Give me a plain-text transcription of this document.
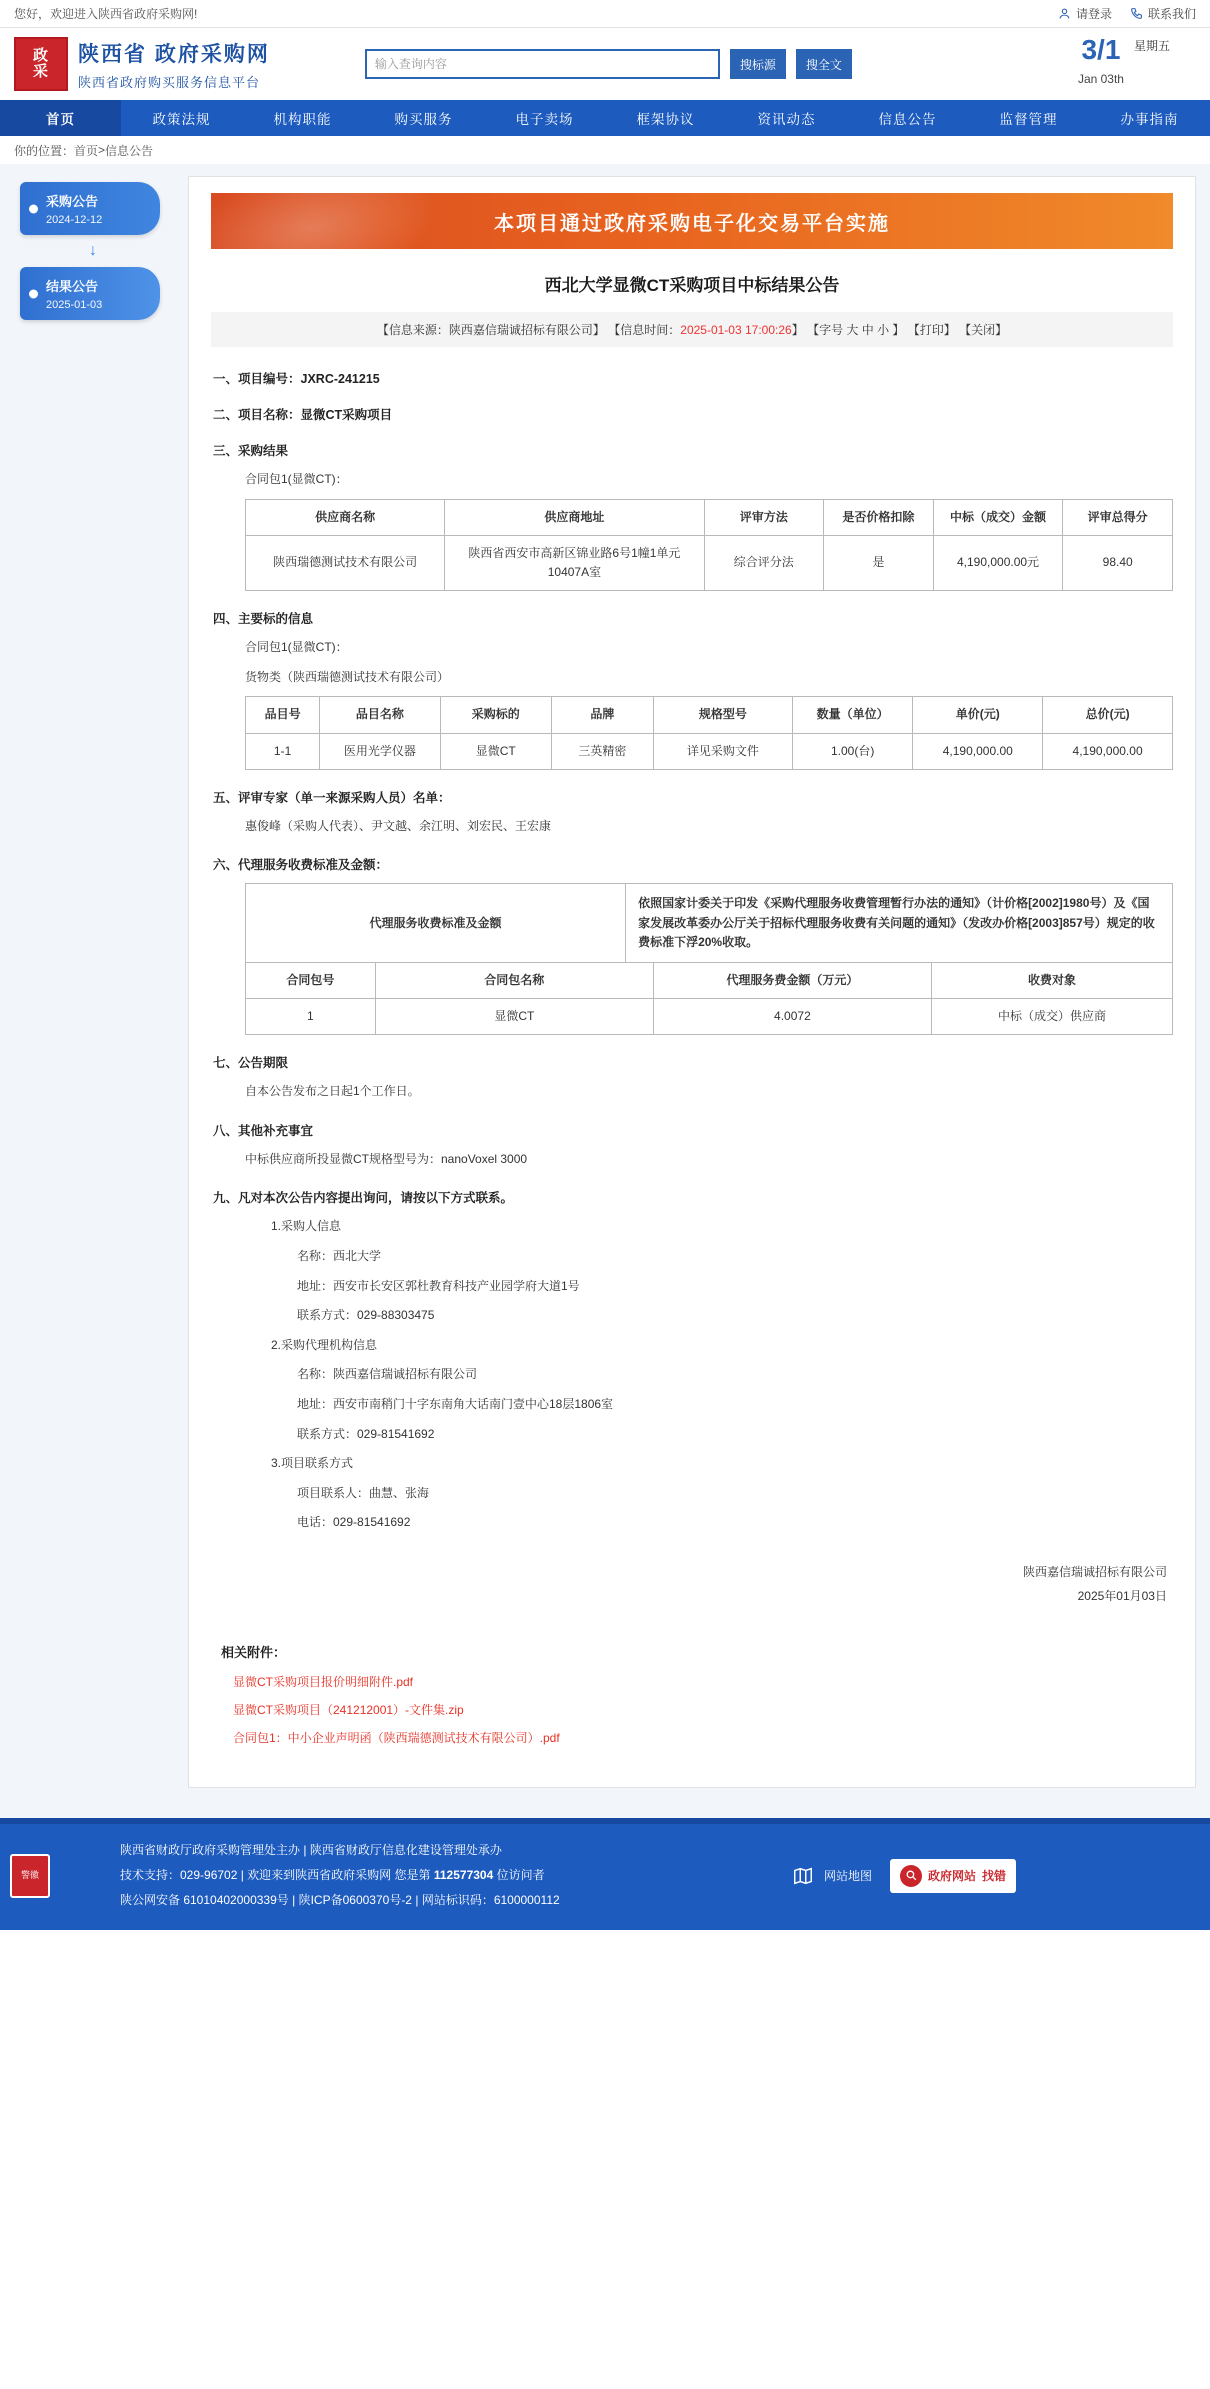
您好，欢迎进入陕西省政府采购网!	请登录	联系我们
政
采
陕西省 政府采购网
陕西省政府购买服务信息平台
输入查询内容
搜标源	搜全文	3/1
Jan 03th
星期五
首页	政策法规	机构职能	购买服务	电子卖场	框架协议	资讯动态	信息公告	监督管理	办事指南
你的位置： 首页 > 信息公告
采购公告
2024-12-12
↓
结果公告
2025-01-03
本项目通过政府采购电子化交易平台实施
西北大学显微CT采购项目中标结果公告
【信息来源：陕西嘉信瑞诚招标有限公司】 【信息时间：2025-01-03 17:00:26】 【字号 大 中 小 】 【打印】 【关闭】
一、项目编号：JXRC-241215
二、项目名称：显微CT采购项目
三、采购结果
合同包1(显微CT)：
供应商名称	供应商地址	评审方法	是否价格扣除	中标（成交）金额	评审总得分
陕西瑞德测试技术有限公司	陕西省西安市高新区锦业路6号1幢1单元10407A室	综合评分法	是	4,190,000.00元	98.40
四、主要标的信息
合同包1(显微CT)：
货物类（陕西瑞德测试技术有限公司）
品目号	品目名称	采购标的	品牌	规格型号	数量（单位）	单价(元)	总价(元)
1-1	医用光学仪器	显微CT	三英精密	详见采购文件	1.00(台)	4,190,000.00	4,190,000.00
五、评审专家（单一来源采购人员）名单：
惠俊峰（采购人代表）、尹文越、余江明、刘宏民、王宏康
六、代理服务收费标准及金额：
代理服务收费标准及金额	依照国家计委关于印发《采购代理服务收费管理暂行办法的通知》（计价格[2002]1980号）及《国家发展改革委办公厅关于招标代理服务收费有关问题的通知》（发改办价格[2003]857号）规定的收费标准下浮20%收取。
合同包号	合同包名称	代理服务费金额（万元）	收费对象
1	显微CT	4.0072	中标（成交）供应商
七、公告期限
自本公告发布之日起1个工作日。
八、其他补充事宜
中标供应商所投显微CT规格型号为：nanoVoxel 3000
九、凡对本次公告内容提出询问，请按以下方式联系。
1.采购人信息
名称：西北大学
地址：西安市长安区郭杜教育科技产业园学府大道1号
联系方式：029-88303475
2.采购代理机构信息
名称：陕西嘉信瑞诚招标有限公司
地址：西安市南稍门十字东南角大话南门壹中心18层1806室
联系方式：029-81541692
3.项目联系方式
项目联系人：曲慧、张海
电话：029-81541692
陕西嘉信瑞诚招标有限公司
2025年01月03日
相关附件：
显微CT采购项目报价明细附件.pdf
显微CT采购项目（241212001）-文件集.zip
合同包1：中小企业声明函（陕西瑞德测试技术有限公司）.pdf
警徽
陕西省财政厅政府采购管理处主办 | 陕西省财政厅信息化建设管理处承办
技术支持：029-96702 | 欢迎来到陕西省政府采购网 您是第 112577304 位访问者
陕公网安备 61010402000339号 | 陕ICP备0600370号-2 | 网站标识码：6100000112
网站地图	政府网站 找错
